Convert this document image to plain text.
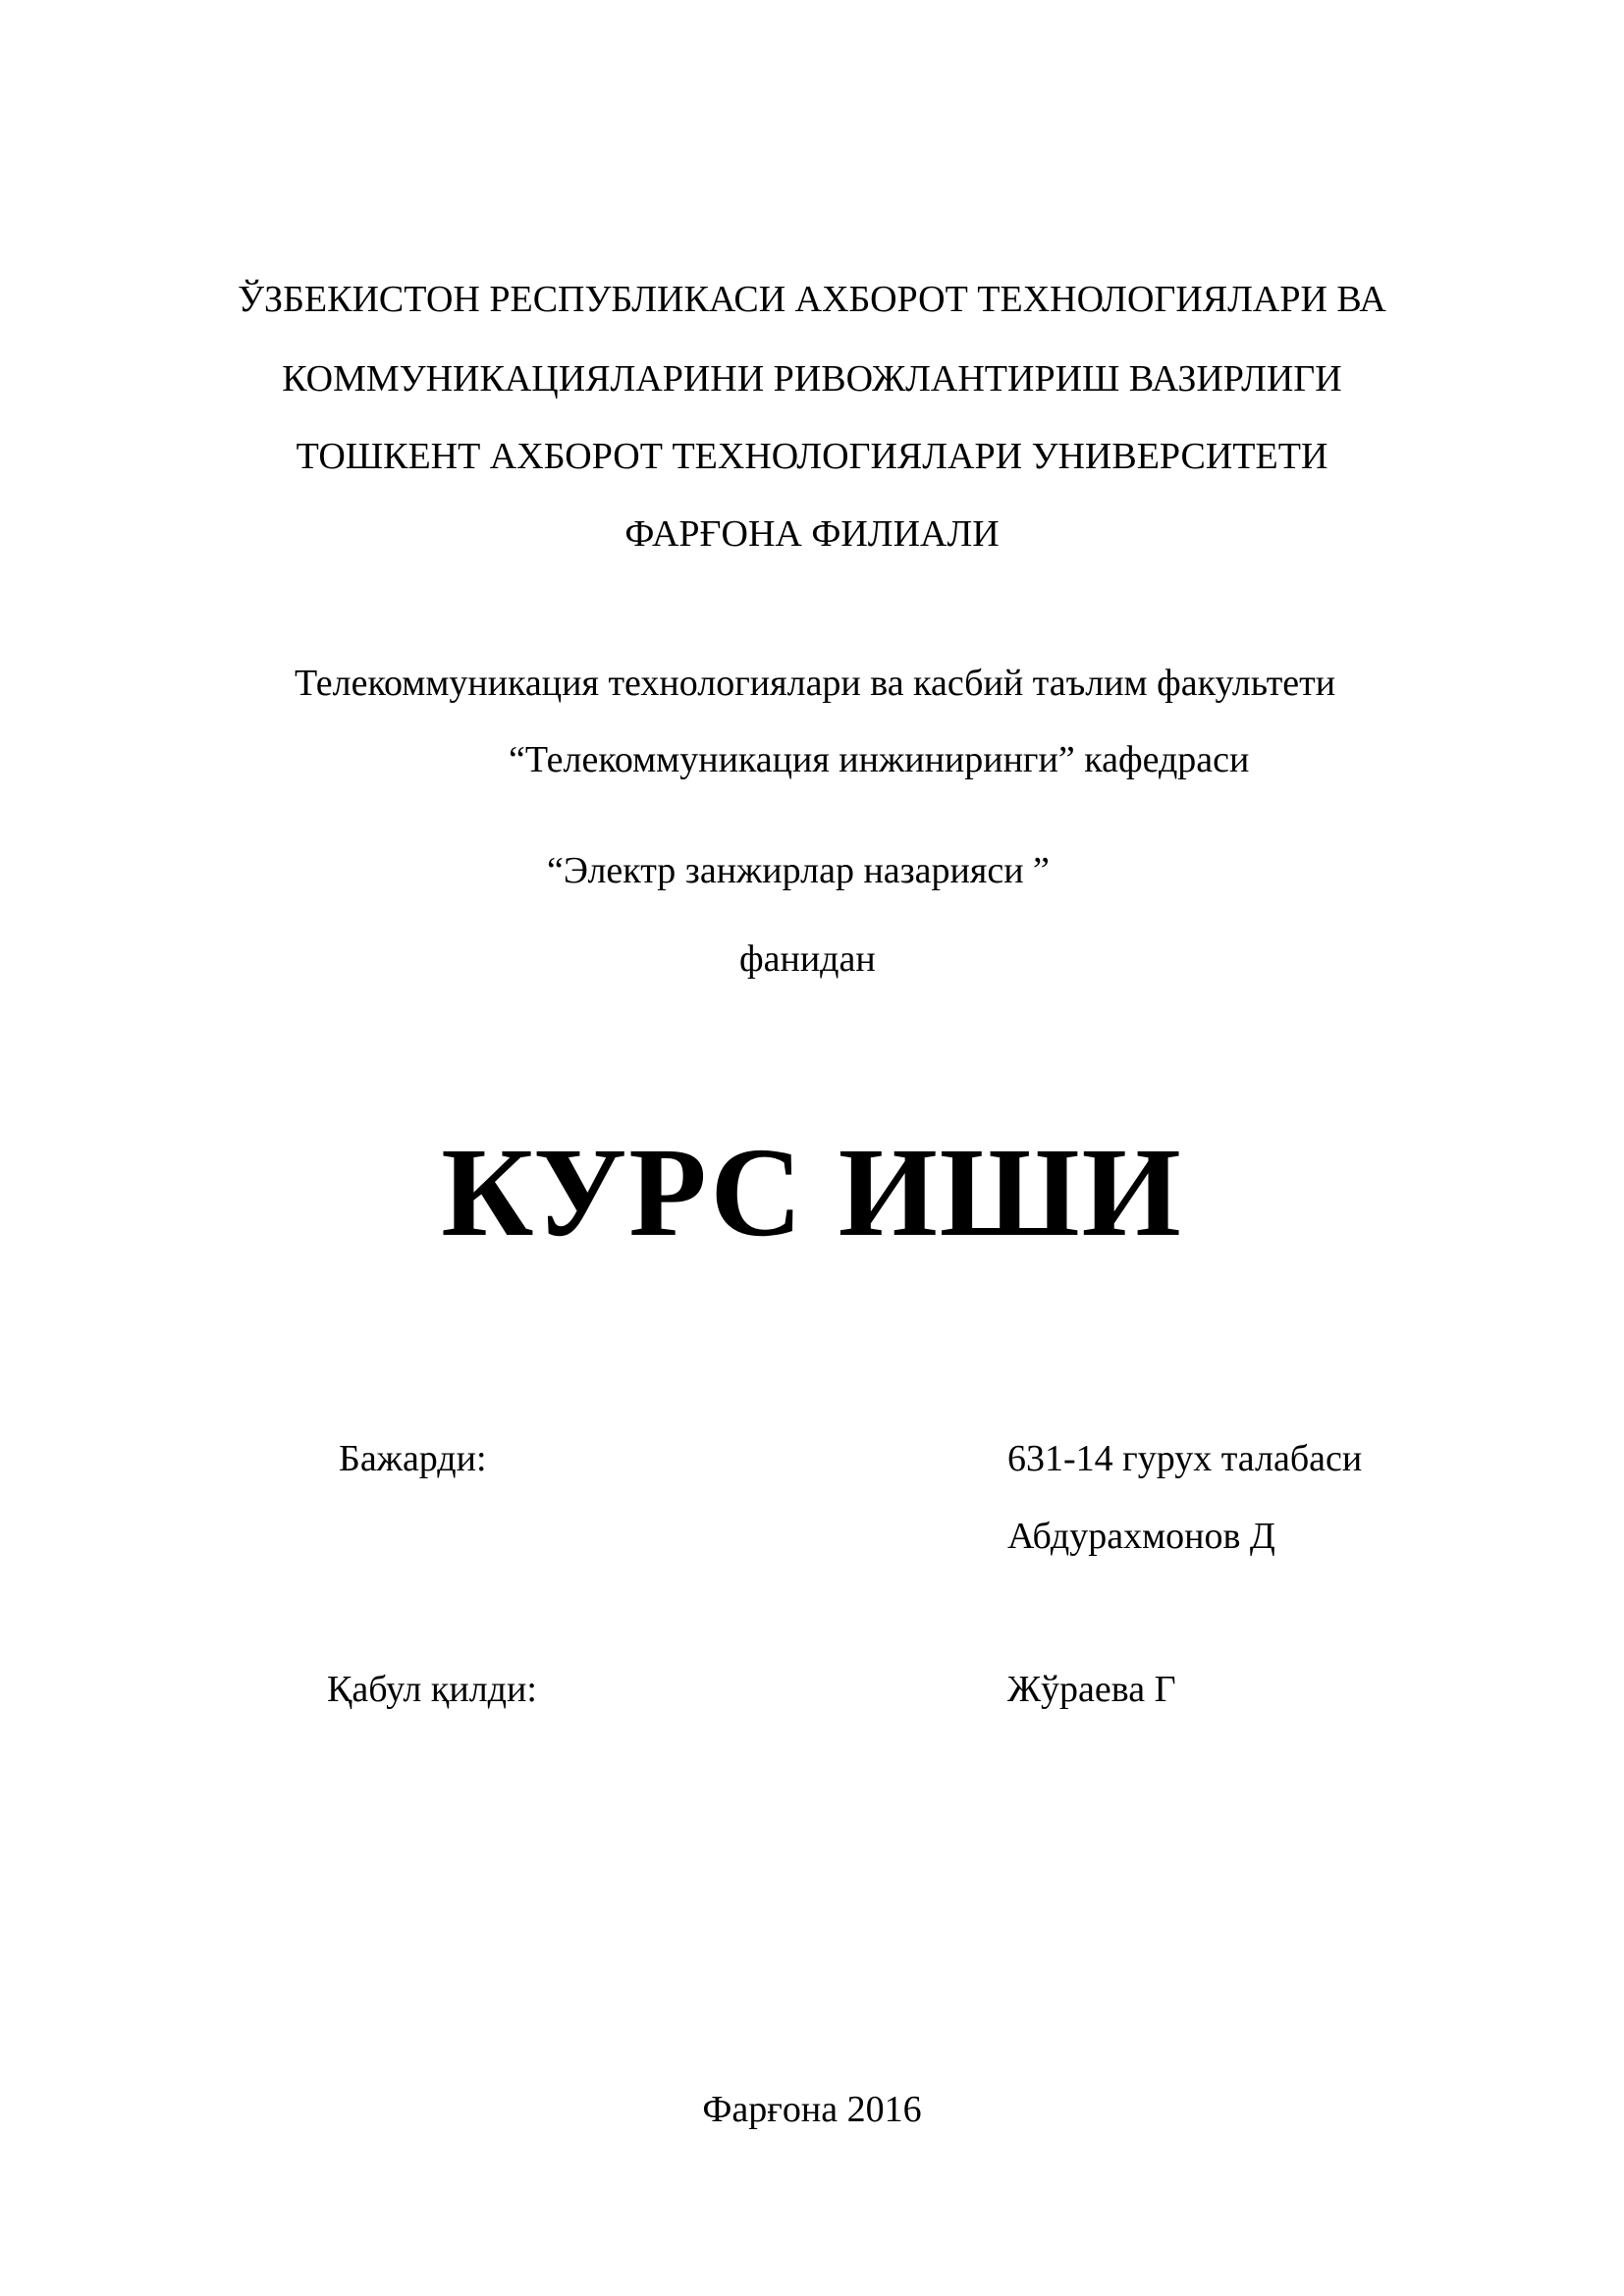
ЎЗБЕКИСТОН РЕСПУБЛИКАСИ АХБОРОТ ТЕХНОЛОГИЯЛАРИ ВА
КОММУНИКАЦИЯЛАРИНИ РИВОЖЛАНТИРИШ ВАЗИРЛИГИ
ТОШКЕНТ АХБОРОТ ТЕХНОЛОГИЯЛАРИ УНИВЕРСИТЕТИ
ФАРҒОНА ФИЛИАЛИ
Телекоммуникация технологиялари ва касбий таълим факультети
“Телекоммуникация инжиниринги” кафедраси
“Электр занжирлар назарияси ”
фанидан
КУРС ИШИ
Бажарди:	631-14 гурух талабаси
Абдурахмонов Д
Қабул қилди:	Жўраева Г
Фарғона 2016
